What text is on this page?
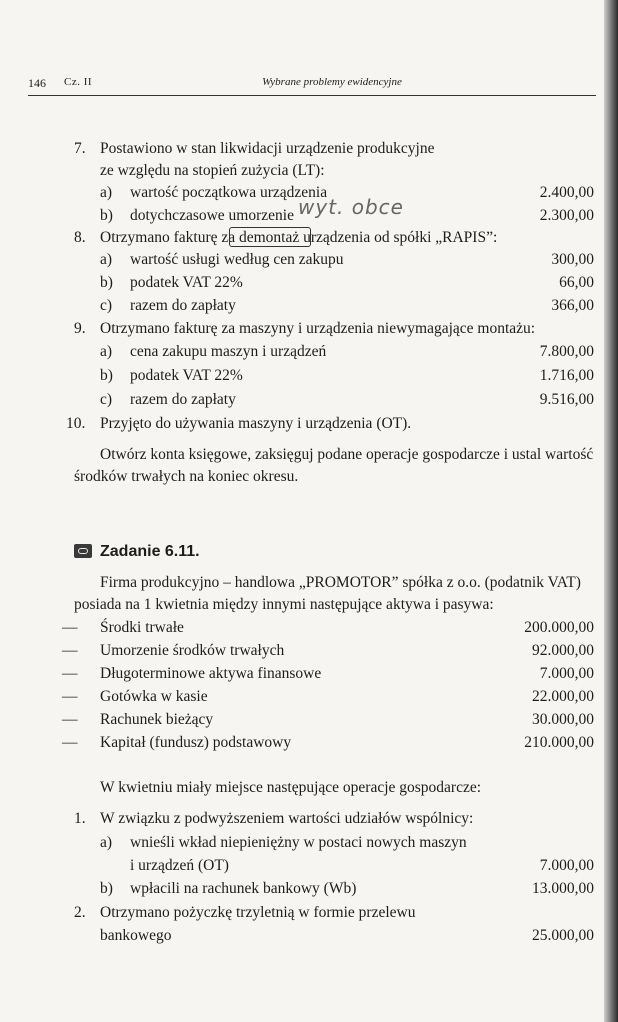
146 Cz. II	Wybrane problemy ewidencyjne
7. Postawiono w stan likwidacji urządzenie produkcyjne
ze względu na stopień zużycia (LT):
a) wartość początkowa urządzenia	2.400,00
b) dotychczasowe umorzenie	2.300,00
8. Otrzymano fakturę za demontaż urządzenia od spółki „RAPIS”:
a) wartość usługi według cen zakupu	300,00
b) podatek VAT 22%	66,00
c) razem do zapłaty	366,00
9. Otrzymano fakturę za maszyny i urządzenia niewymagające montażu:
a) cena zakupu maszyn i urządzeń	7.800,00
b) podatek VAT 22%	1.716,00
c) razem do zapłaty	9.516,00
10. Przyjęto do używania maszyny i urządzenia (OT).
wyt. obce
Otwórz konta księgowe, zaksięguj podane operacje gospodarcze i ustal wartość środków trwałych na koniec okresu.
Zadanie 6.11.
Firma produkcyjno – handlowa „PROMOTOR” spółka z o.o. (podatnik VAT) posiada na 1 kwietnia między innymi następujące aktywa i pasywa:
— Środki trwałe	200.000,00
— Umorzenie środków trwałych	92.000,00
— Długoterminowe aktywa finansowe	7.000,00
— Gotówka w kasie	22.000,00
— Rachunek bieżący	30.000,00
— Kapitał (fundusz) podstawowy	210.000,00
W kwietniu miały miejsce następujące operacje gospodarcze:
1. W związku z podwyższeniem wartości udziałów wspólnicy:
a) wnieśli wkład niepieniężny w postaci nowych maszyn
i urządzeń (OT)	7.000,00
b) wpłacili na rachunek bankowy (Wb)	13.000,00
2. Otrzymano pożyczkę trzyletnią w formie przelewu
bankowego	25.000,00
